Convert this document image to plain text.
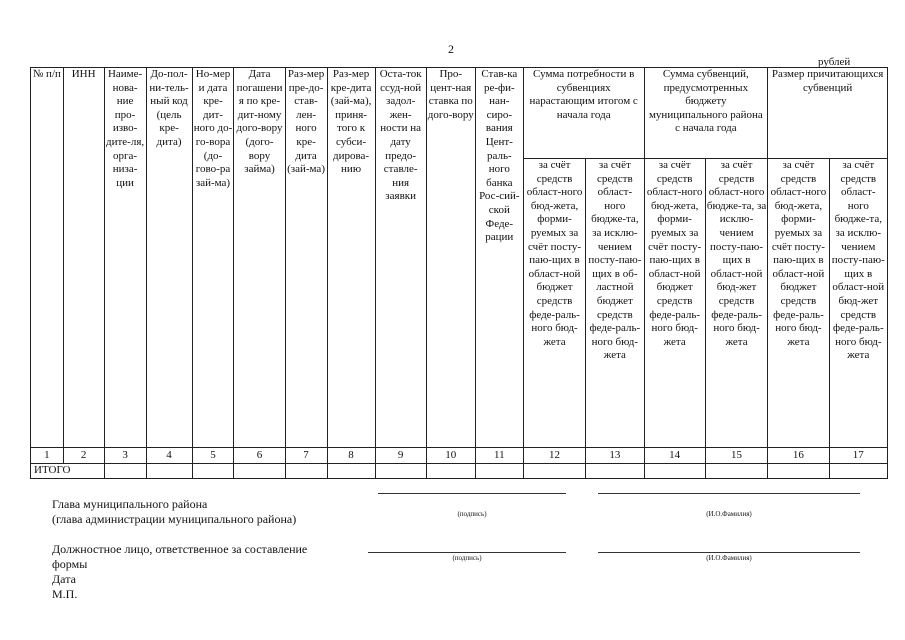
2
рублей
№ п/п	ИНН	Наиме-нова-ние про-изво-дите-ля, орга-низа-ции	До-пол-ни-тель-ный код (цель кре-дита)	Но-мер и дата кре-дит-ного до-го-вора (до-гово-ра зай-ма)	Дата погашения по кре-дит-ному дого-вору (дого-вору займа)	Раз-мер пре-до-став-лен-ного кре-дита (зай-ма)	Раз-мер кре-дита (зай-ма), приня-того к субси-дирова-нию	Оста-ток ссуд-ной задол-жен-ности на дату предо-ставле-ния заявки	Про-цент-ная ставка по дого-вору	Став-ка ре-фи-нан-сиро-вания Цент-раль-ного банка Рос-сий-ской Феде-рации	Сумма потребности в субвенциях нарастающим итогом с начала года		Сумма субвенций, предусмотренных бюджету муниципального района с начала года		Размер причитающихся субвенций	
											за счёт средств област-ного бюд-жета, форми-руемых за счёт посту-паю-щих в област-ной бюджет средств феде-раль-ного бюд-жета	за счёт средств област-ного бюдже-та, за исклю-чением посту-паю-щих в об-ластной бюджет средств феде-раль-ного бюд-жета	за счёт средств област-ного бюд-жета, форми-руемых за счёт посту-паю-щих в област-ной бюджет средств феде-раль-ного бюд-жета	за счёт средств област-ного бюдже-та, за исклю-чением посту-паю-щих в област-ной бюд-жет средств феде-раль-ного бюд-жета	за счёт средств област-ного бюд-жета, форми-руемых за счёт посту-паю-щих в област-ной бюджет средств феде-раль-ного бюд-жета	за счёт средств област-ного бюдже-та, за исклю-чением посту-паю-щих в област-ной бюд-жет средств феде-раль-ного бюд-жета
1	2	3	4	5	6	7	8	9	10	11	12	13	14	15	16	17
ИТОГО																
Глава муниципального района
(глава администрации муниципального района)	(подпись)	(И.О.Фамилия)
Должностное лицо, ответственное за составление
формы
Дата
М.П.
(подпись)	(И.О.Фамилия)
